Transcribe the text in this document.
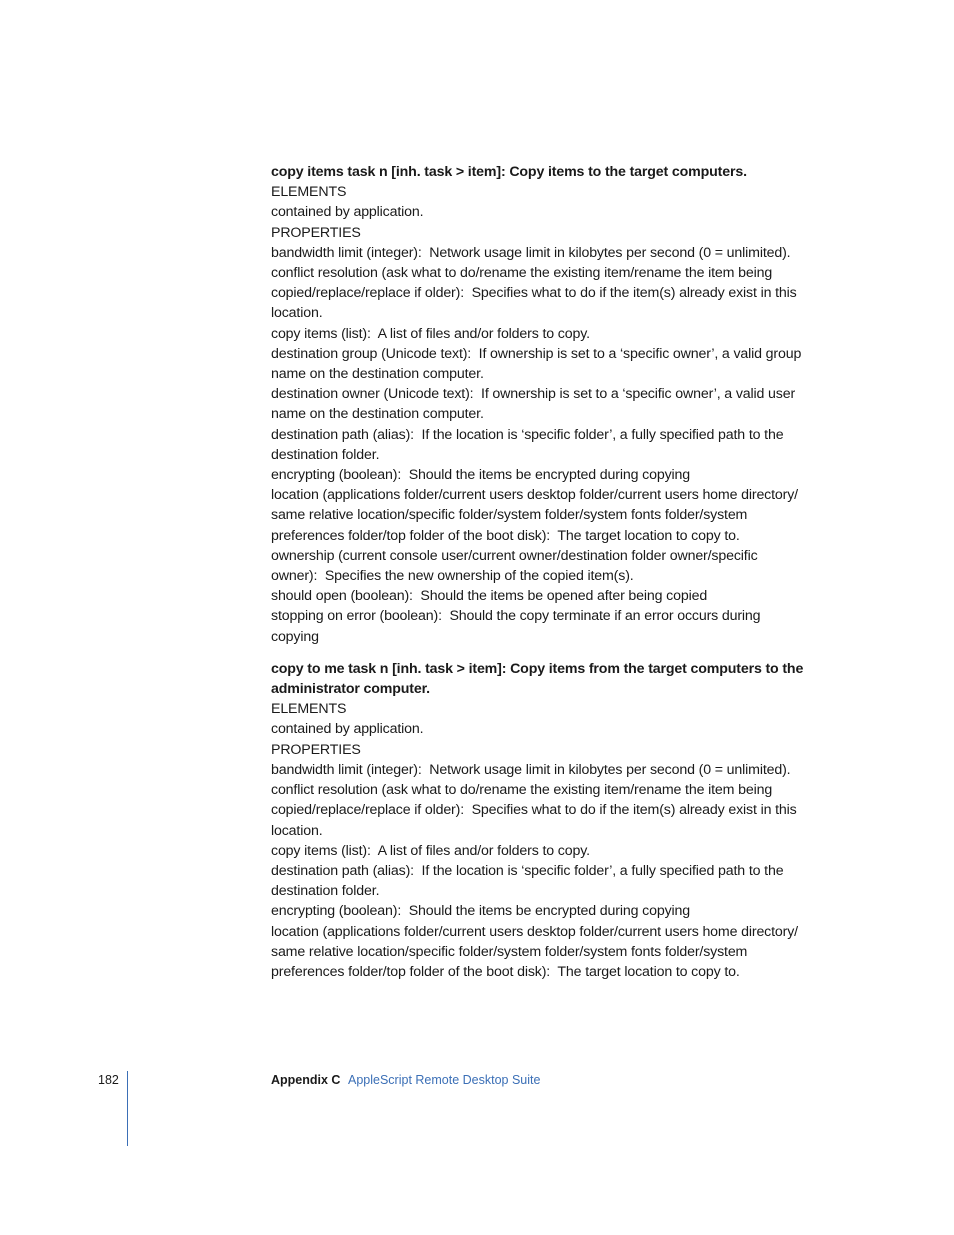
copy items task n [inh. task > item]: Copy items to the target computers.
ELEMENTS
contained by application.
PROPERTIES
bandwidth limit (integer):  Network usage limit in kilobytes per second (0 = unlimited).
conflict resolution (ask what to do/rename the existing item/rename the item being
copied/replace/replace if older):  Specifies what to do if the item(s) already exist in this
location.
copy items (list):  A list of files and/or folders to copy.
destination group (Unicode text):  If ownership is set to a ‘specific owner’, a valid group
name on the destination computer.
destination owner (Unicode text):  If ownership is set to a ‘specific owner’, a valid user
name on the destination computer.
destination path (alias):  If the location is ‘specific folder’, a fully specified path to the
destination folder.
encrypting (boolean):  Should the items be encrypted during copying
location (applications folder/current users desktop folder/current users home directory/
same relative location/specific folder/system folder/system fonts folder/system
preferences folder/top folder of the boot disk):  The target location to copy to.
ownership (current console user/current owner/destination folder owner/specific
owner):  Specifies the new ownership of the copied item(s).
should open (boolean):  Should the items be opened after being copied
stopping on error (boolean):  Should the copy terminate if an error occurs during
copying
copy to me task n [inh. task > item]: Copy items from the target computers to the
administrator computer.
ELEMENTS
contained by application.
PROPERTIES
bandwidth limit (integer):  Network usage limit in kilobytes per second (0 = unlimited).
conflict resolution (ask what to do/rename the existing item/rename the item being
copied/replace/replace if older):  Specifies what to do if the item(s) already exist in this
location.
copy items (list):  A list of files and/or folders to copy.
destination path (alias):  If the location is ‘specific folder’, a fully specified path to the
destination folder.
encrypting (boolean):  Should the items be encrypted during copying
location (applications folder/current users desktop folder/current users home directory/
same relative location/specific folder/system folder/system fonts folder/system
preferences folder/top folder of the boot disk):  The target location to copy to.
182	Appendix C AppleScript Remote Desktop Suite
